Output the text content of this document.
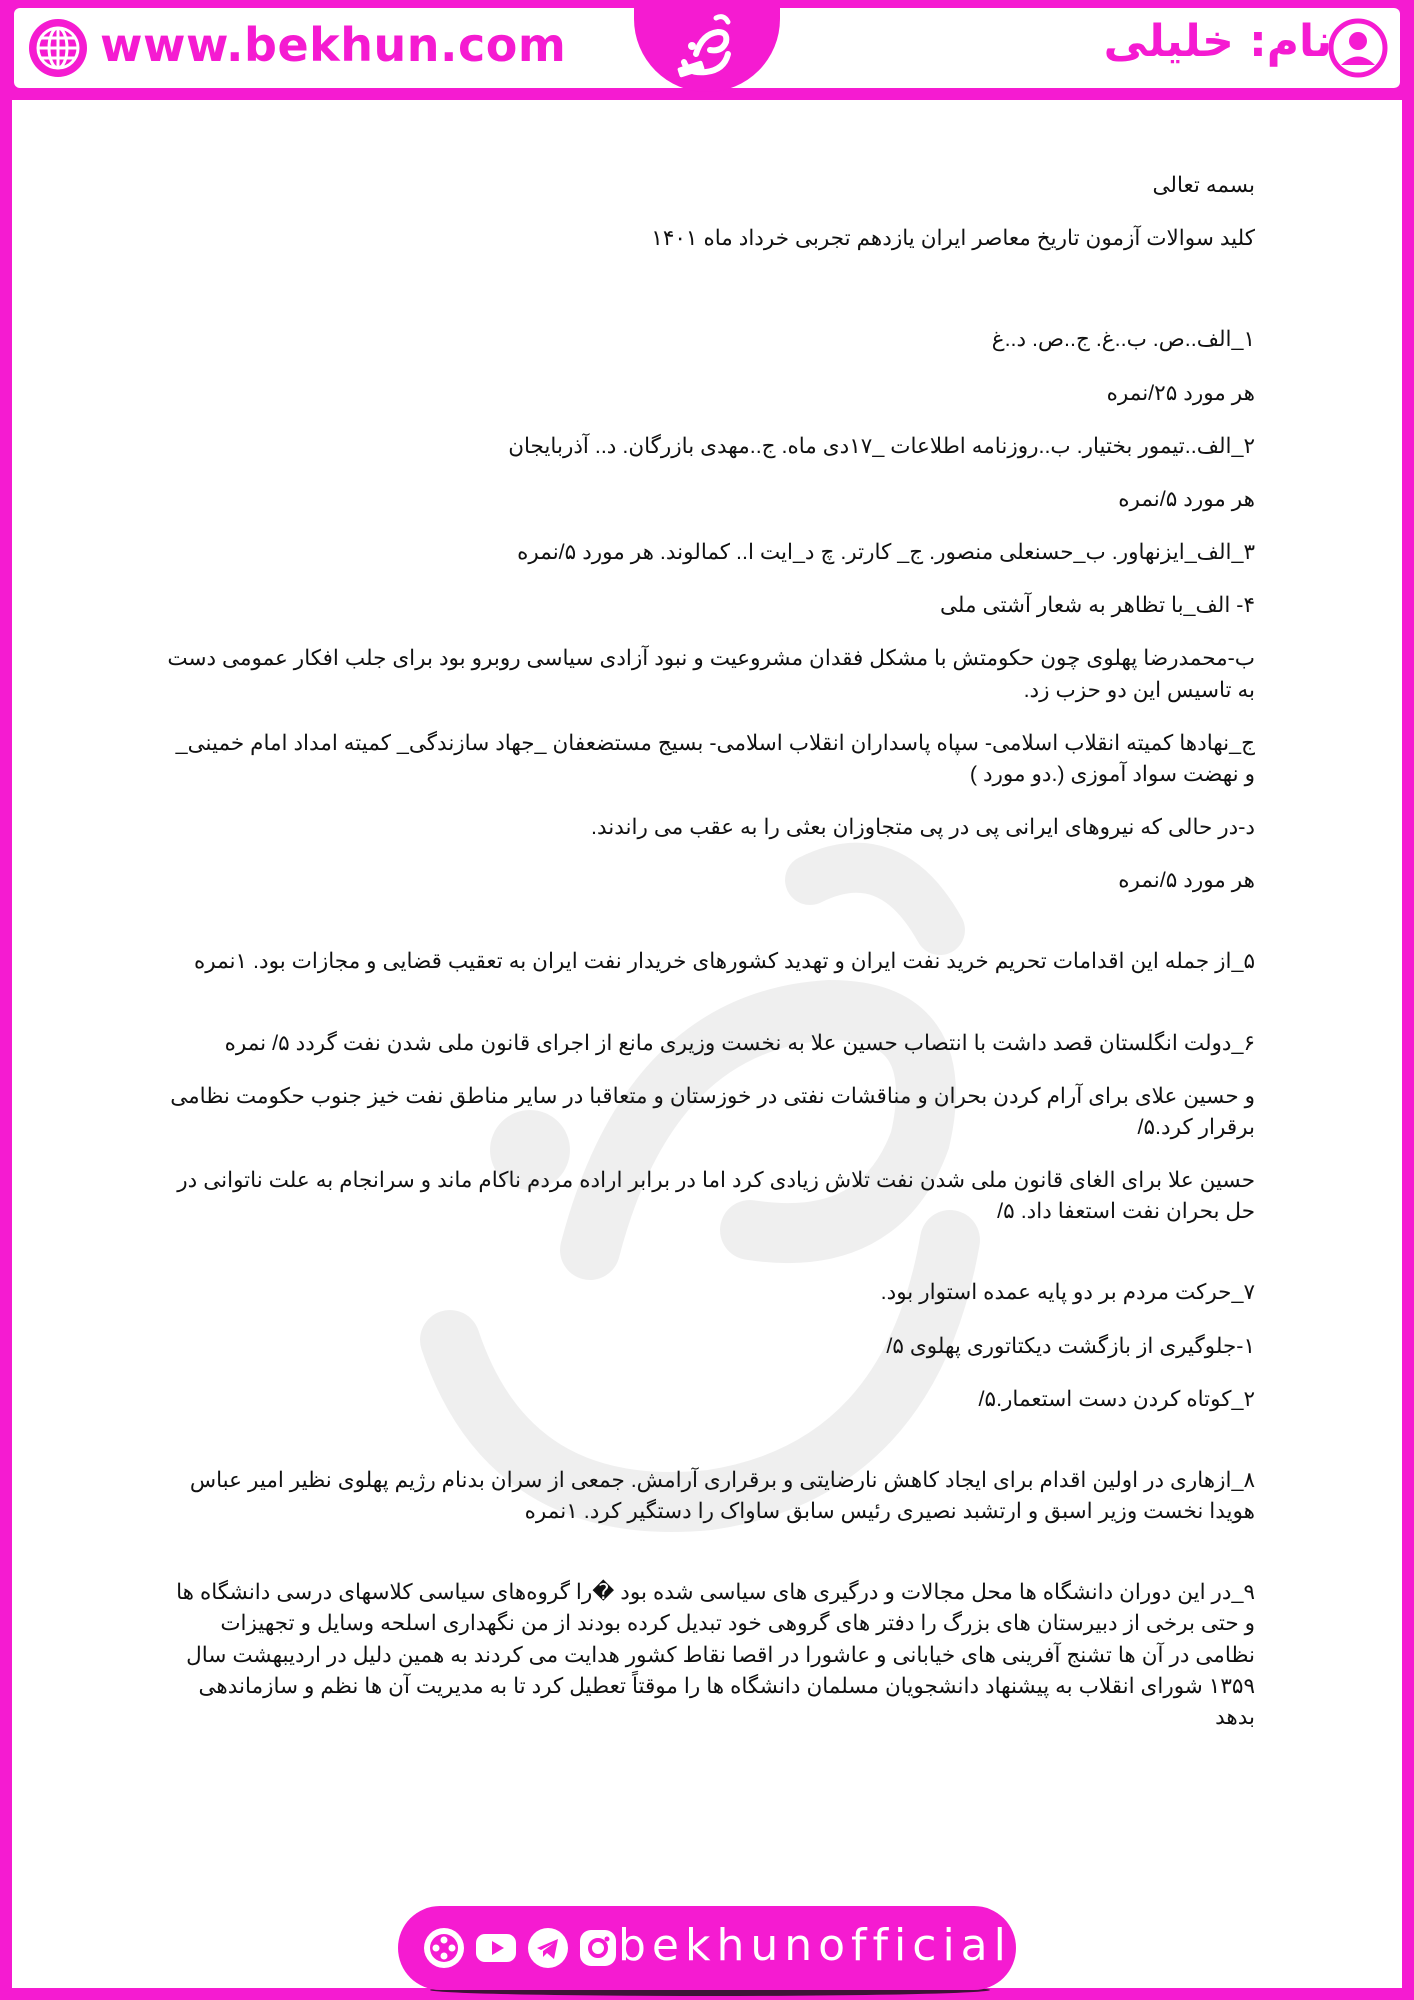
www.bekhun.com	نام: خلیلی

بسمه تعالی

کلید سوالات آزمون تاریخ معاصر ایران یازدهم تجربی خرداد ماه ۱۴۰۱

۱_الف..ص. ب..غ. ج..ص. د..غ

هر مورد ۲۵/نمره

۲_الف..تیمور بختیار. ب..روزنامه اطلاعات _۱۷دی ماه. ج..مهدی بازرگان. د.. آذربایجان

هر مورد ۵/نمره

۳_الف_ایزنهاور. ب_حسنعلی منصور. ج_ کارتر. چ د_ایت ا.. کمالوند. هر مورد ۵/نمره

۴- الف_با تظاهر به شعار آشتی ملی

ب-محمدرضا پهلوی چون حکومتش با مشکل فقدان مشروعیت و نبود آزادی سیاسی روبرو بود برای جلب افکار عمومی دست به تاسیس این دو حزب زد.

ج_نهادها کمیته انقلاب اسلامی- سپاه پاسداران انقلاب اسلامی- بسیج مستضعفان _جهاد سازندگی_ کمیته امداد امام خمینی_ و نهضت سواد آموزی (.دو مورد )

د-در حالی که نیروهای ایرانی پی در پی متجاوزان بعثی را به عقب می راندند.

هر مورد ۵/نمره

۵_از جمله این اقدامات تحریم خرید نفت ایران و تهدید کشورهای خریدار نفت ایران به تعقیب قضایی و مجازات بود. ۱نمره

۶_دولت انگلستان قصد داشت با انتصاب حسین علا به نخست وزیری مانع از اجرای قانون ملی شدن نفت گردد ۵/ نمره

و حسین علای برای آرام کردن بحران و مناقشات نفتی در خوزستان و متعاقبا در سایر مناطق نفت خیز جنوب حکومت نظامی برقرار کرد.۵/

حسین علا برای الغای قانون ملی شدن نفت تلاش زیادی کرد اما در برابر اراده مردم ناکام ماند و سرانجام به علت ناتوانی در حل بحران نفت استعفا داد. ۵/

۷_حرکت مردم بر دو پایه عمده استوار بود.

۱-جلوگیری از بازگشت دیکتاتوری پهلوی ۵/

۲_کوتاه کردن دست استعمار.۵/

۸_ازهاری در اولین اقدام برای ایجاد کاهش نارضایتی و برقراری آرامش. جمعی از سران بدنام رژیم پهلوی نظیر امیر عباس هویدا نخست وزیر اسبق و ارتشبد نصیری رئیس سابق ساواک را دستگیر کرد. ۱نمره

۹_در این دوران دانشگاه ها محل مجالات و درگیری های سیاسی شده بود �را گروه‌های سیاسی کلاسهای درسی دانشگاه ها و حتی برخی از دبیرستان های بزرگ را دفتر های گروهی خود تبدیل کرده بودند از من نگهداری اسلحه وسایل و تجهیزات نظامی در آن ها تشنج آفرینی های خیابانی و عاشورا در اقصا نقاط کشور هدایت می کردند به همین دلیل در اردیبهشت سال ۱۳۵۹ شورای انقلاب به پیشنهاد دانشجویان مسلمان دانشگاه ها را موقتاً تعطیل کرد تا به مدیریت آن ها نظم و سازماندهی بدهد

bekhunofficial
